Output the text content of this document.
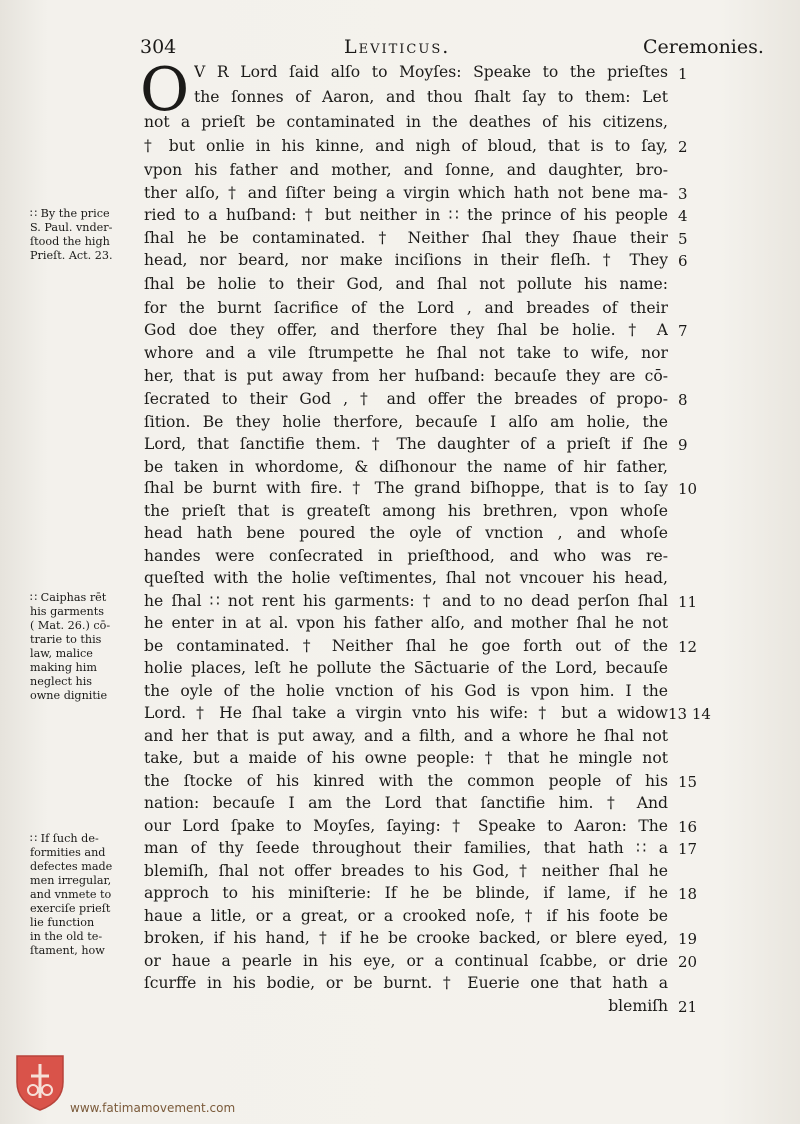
304	Leviticus.	Ceremonies.
O V R Lord ſaid alſo to Moyſes: Speake to the prieſtes
the ſonnes of Aaron, and thou ſhalt ſay to them: Let
not a prieſt be contaminated in the deathes of his citizens,
† but onlie in his kinne, and nigh of bloud, that is to ſay,
vpon his father and mother, and ſonne, and daughter, bro-
ther alſo, † and ſiſter being a virgin which hath not bene ma-
ried to a huſband: † but neither in ∷ the prince of his people
ſhal he be contaminated. † Neither ſhal they ſhaue their
head, nor beard, nor make inciſions in their fleſh. † They
ſhal be holie to their God, and ſhal not pollute his name:
for the burnt ſacrifice of the Lord , and breades of their
God doe they offer, and therfore they ſhal be holie. † A
whore and a vile ſtrumpette he ſhal not take to wife, nor
her, that is put away from her huſband: becauſe they are cō-
ſecrated to their God , † and offer the breades of propo-
ſition. Be they holie therfore, becauſe I alſo am holie, the
Lord, that ſanctifie them. † The daughter of a prieſt if ſhe
be taken in whordome, & diſhonour the name of hir father,
ſhal be burnt with fire. † The grand biſhoppe, that is to ſay
the prieſt that is greateſt among his brethren, vpon whoſe
head hath bene poured the oyle of vnction , and whoſe
handes were conſecrated in prieſthood, and who was re-
queſted with the holie veſtimentes, ſhal not vncouer his head,
he ſhal ∷ not rent his garments: † and to no dead perſon ſhal
he enter in at al. vpon his father alſo, and mother ſhal he not
be contaminated. † Neither ſhal he goe forth out of the
holie places, leſt he pollute the Sāctuarie of the Lord, becauſe
the oyle of the holie vnction of his God is vpon him. I the
Lord. † He ſhal take a virgin vnto his wife: † but a widow
and her that is put away, and a filth, and a whore he ſhal not
take, but a maide of his owne people: † that he mingle not
the ſtocke of his kinred with the common people of his
nation: becauſe I am the Lord that ſanctifie him. † And
our Lord ſpake to Moyſes, ſaying: † Speake to Aaron: The
man of thy ſeede throughout their families, that hath ∷ a
blemiſh, ſhal not offer breades to his God, † neither ſhal he
approch to his miniſterie: If he be blinde, if lame, if he
haue a litle, or a great, or a crooked noſe, † if his foote be
broken, if his hand, † if he be crooke backed, or blere eyed,
or haue a pearle in his eye, or a continual ſcabbe, or drie
ſcurffe in his bodie, or be burnt. † Euerie one that hath a
blemiſh
1
2
3
4
5
6
7
8
9
10
11
12
13 14
15
16
17
18
19
20
21
∷ By the price
S. Paul. vnder-
ſtood the high
Prieſt. Act. 23.
∷ Caiphas rēt
his garments
( Mat. 26.) cō-
trarie to this
law, malice
making him
neglect his
owne dignitie
∷ If ſuch de-
formities and
defectes made
men irregular,
and vnmete to
exerciſe prieſt
lie function
in the old te-
ſtament, how
www.fatimamovement.com
